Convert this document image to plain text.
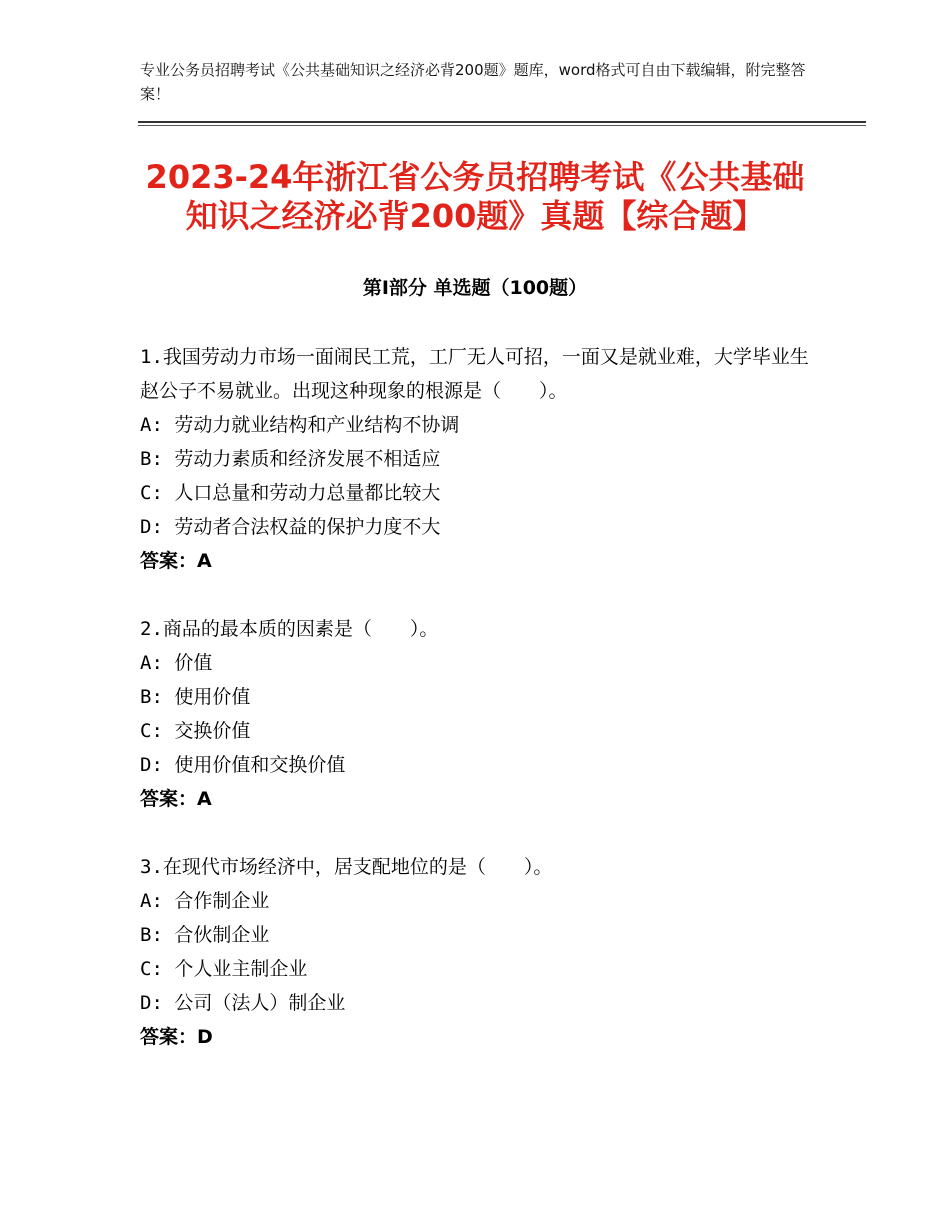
专业公务员招聘考试《公共基础知识之经济必背200题》题库，word格式可自由下载编辑，附完整答案！
2023-24年浙江省公务员招聘考试《公共基础知识之经济必背200题》真题【综合题】
第Ⅰ部分 单选题（100题）

1.我国劳动力市场一面闹民工荒，工厂无人可招，一面又是就业难，大学毕业生赵公子不易就业。出现这种现象的根源是（　　）。

A: 劳动力就业结构和产业结构不协调

B: 劳动力素质和经济发展不相适应

C: 人口总量和劳动力总量都比较大

D: 劳动者合法权益的保护力度不大

答案：A

2.商品的最本质的因素是（　　）。

A: 价值

B: 使用价值

C: 交换价值

D: 使用价值和交换价值

答案：A

3.在现代市场经济中，居支配地位的是（　　）。

A: 合作制企业

B: 合伙制企业

C: 个人业主制企业

D: 公司（法人）制企业

答案：D
